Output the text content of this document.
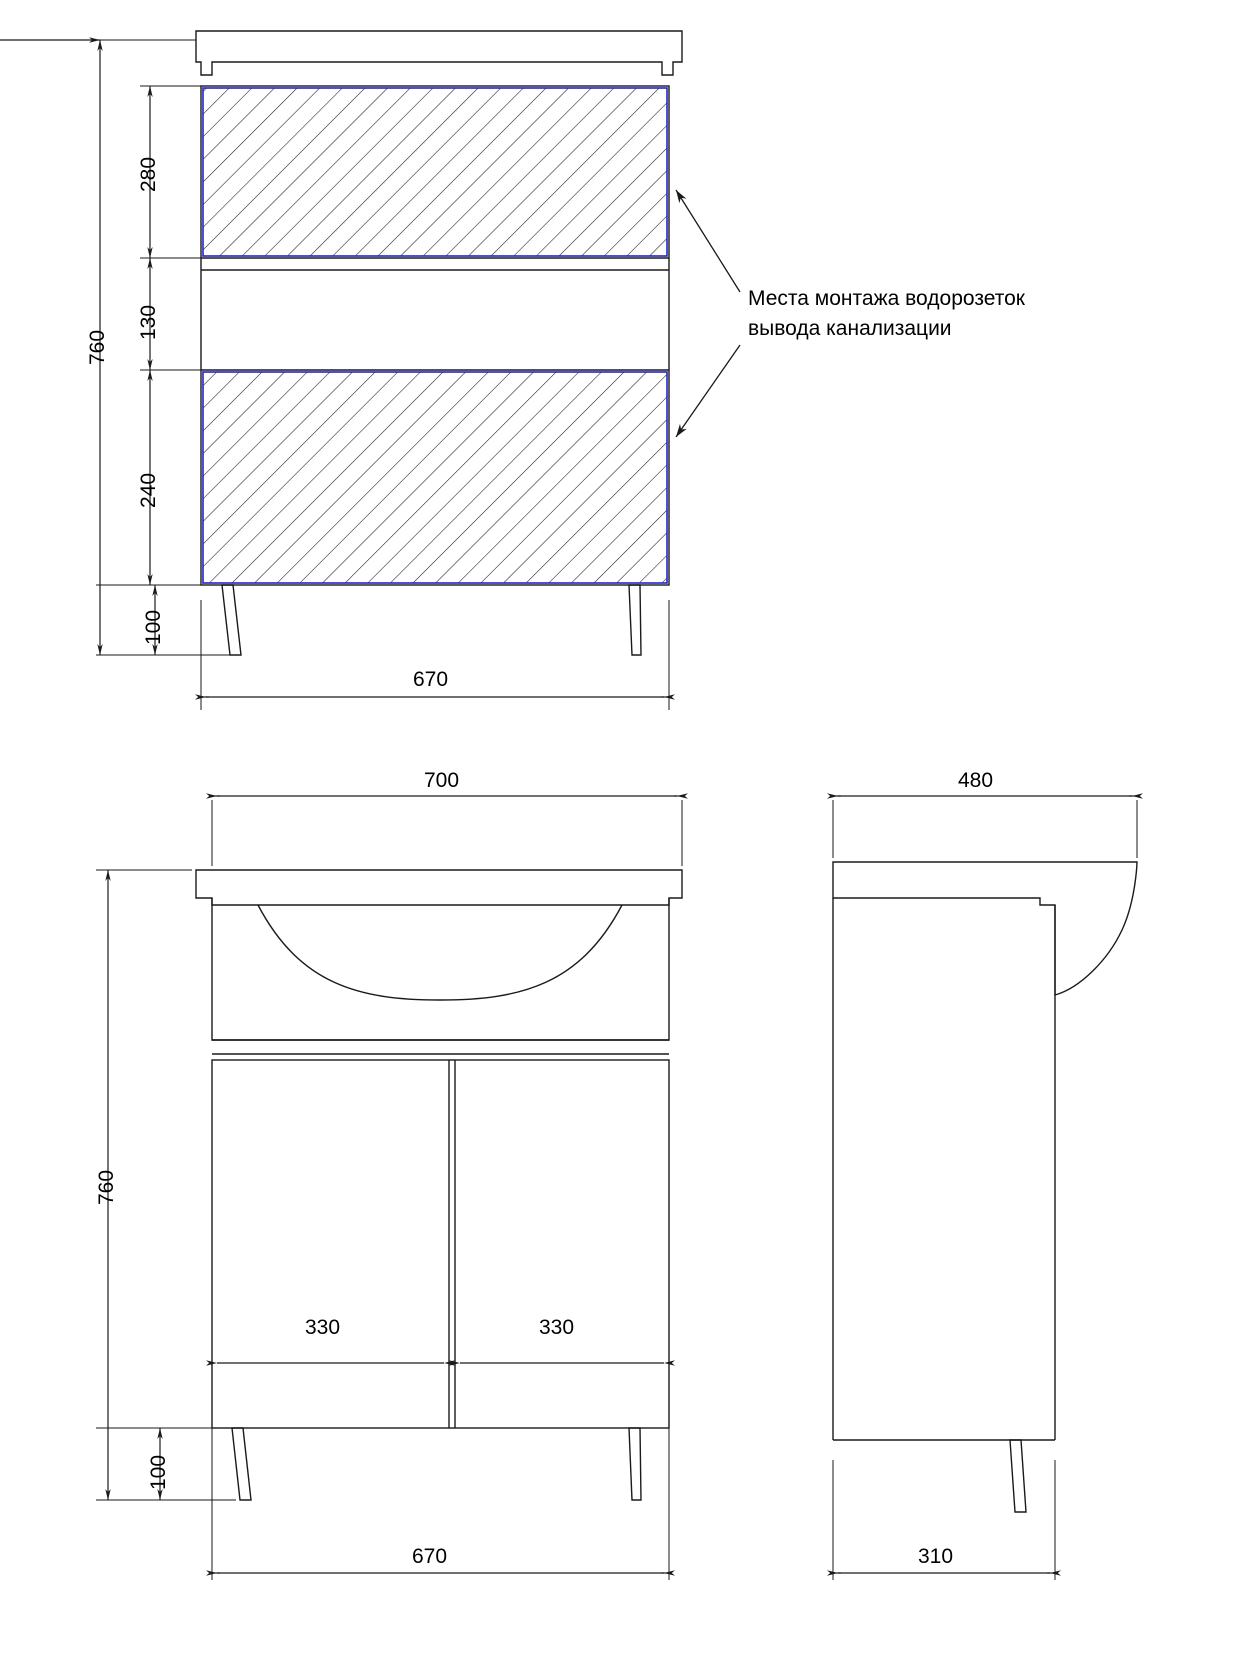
Места монтажа водорозеток
вывода канализации
760
280
130
240
100
670
700
760
330	330
100
670
480
310
